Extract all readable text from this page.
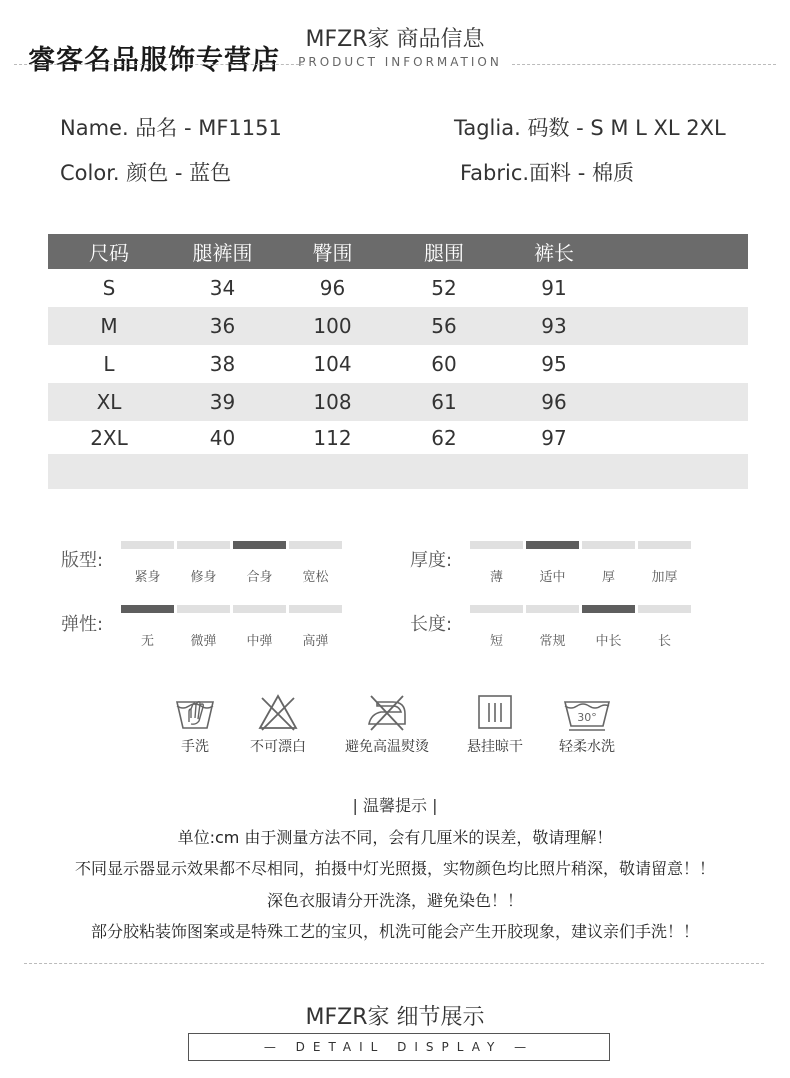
睿客名品服饰专营店
MFZR家 商品信息
PRODUCT INFORMATION
Name. 品名 - MF1151	Taglia. 码数 - S M L XL 2XL
Color. 颜色 - 蓝色	Fabric.面料 - 棉质
尺码	腿裤围	臀围	腿围	裤长	
S	34	96	52	91	
M	36	100	56	93	
L	38	104	60	95	
XL	39	108	61	96	
2XL	40	112	62	97	

版型:
紧身	修身	合身	宽松
厚度:
薄	适中	厚	加厚
弹性:
无	微弹	中弹	高弹
长度:
短	常规	中长	长
手洗	不可漂白	避免高温熨烫	悬挂晾干
30°
轻柔水洗
| 温馨提示 |
单位:cm 由于测量方法不同，会有几厘米的误差，敬请理解！
不同显示器显示效果都不尽相同，拍摄中灯光照摄，实物颜色均比照片稍深，敬请留意！！
深色衣服请分开洗涤，避免染色！！
部分胶粘装饰图案或是特殊工艺的宝贝，机洗可能会产生开胶现象，建议亲们手洗！！
MFZR家 细节展示
— DETAIL DISPLAY —
